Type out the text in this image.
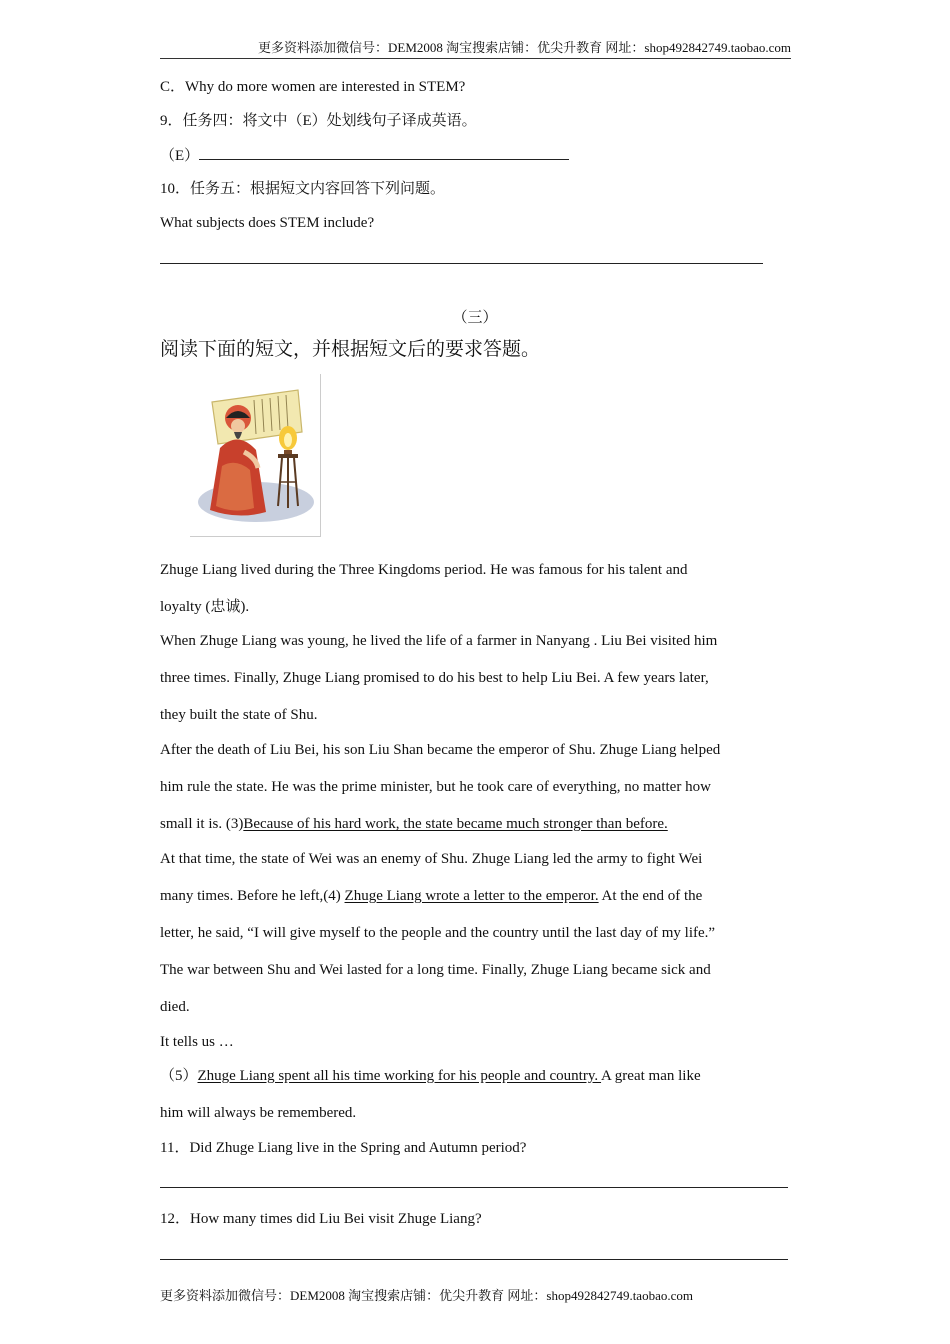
更多资料添加微信号：DEM2008 淘宝搜索店铺：优尖升教育 网址：shop492842749.taobao.com
C．Why do more women are interested in STEM?
9．任务四：将文中（E）处划线句子译成英语。
（E）
10．任务五：根据短文内容回答下列问题。
What subjects does STEM include?
（三）
阅读下面的短文，并根据短文后的要求答题。
Zhuge Liang lived during the Three Kingdoms period. He was famous for his talent and
loyalty (忠诚).
When Zhuge Liang was young, he lived the life of a farmer in Nanyang . Liu Bei visited him
three times. Finally, Zhuge Liang promised to do his best to help Liu Bei. A few years later,
they built the state of Shu.
After the death of Liu Bei, his son Liu Shan became the emperor of Shu. Zhuge Liang helped
him rule the state. He was the prime minister, but he took care of everything, no matter how
small it is. (3)Because of his hard work, the state became much stronger than before.
At that time, the state of Wei was an enemy of Shu. Zhuge Liang led the army to fight Wei
many times. Before he left,(4) Zhuge Liang wrote a letter to the emperor. At the end of the
letter, he said, “I will give myself to the people and the country until the last day of my life.”
The war between Shu and Wei lasted for a long time. Finally, Zhuge Liang became sick and
died.
It tells us …
（5）Zhuge Liang spent all his time working for his people and country. A great man like
him will always be remembered.
11．Did Zhuge Liang live in the Spring and Autumn period?
12．How many times did Liu Bei visit Zhuge Liang?
更多资料添加微信号：DEM2008 淘宝搜索店铺：优尖升教育 网址：shop492842749.taobao.com
